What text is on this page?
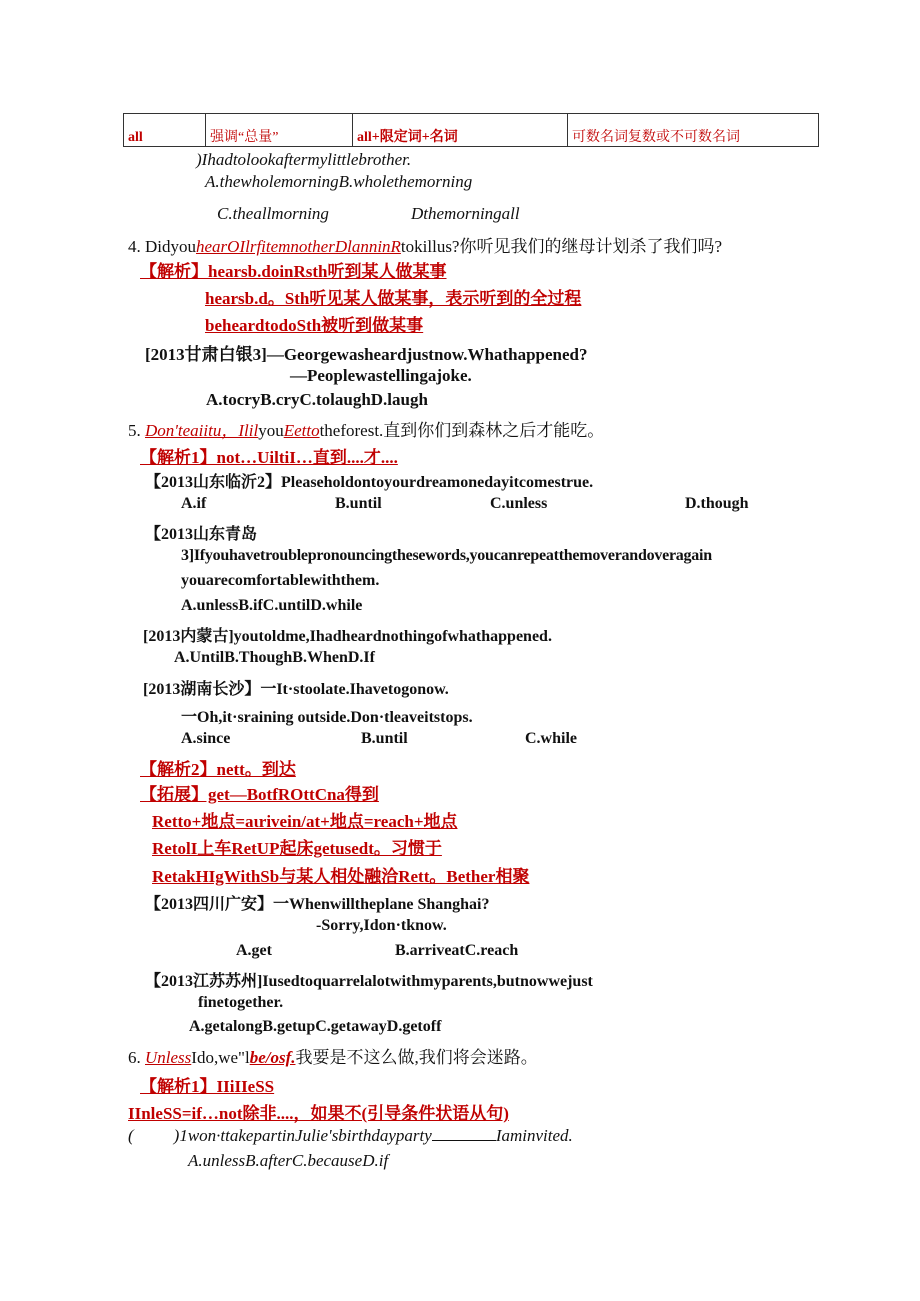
all	强调“总量”	all+限定词+名词	可数名词复数或不可数名词
)Ihadtolookaftermylittlebrother.
A.thewholemorningB.wholethemorning
C.theallmorning	Dthemorningall
4. DidyouhearOIlrfitemnotherDlanninRtokillus?你听见我们的继母计划杀了我们吗?
【解析】hearsb.doinRsth听到某人做某事
hearsb.d。Sth听见某人做某事，表示听到的全过程
beheardtodoSth被听到做某事
[2013甘肃白银3]—Georgewasheardjustnow.Whathappened?
—Peoplewastellingajoke.
A.tocryB.cryC.tolaughD.laugh
5. Don'teaiitu，IlilyouEettotheforest.直到你们到森林之后才能吃。
【解析1】not…UiltiI…直到....才....
【2013山东临沂2】Pleaseholdontoyourdreamonedayitcomestrue.
A.if	B.until	C.unless	D.though
【2013山东青岛
3]Ifyouhavetroublepronouncingthesewords,youcanrepeatthemoverandoveragain
youarecomfortablewiththem.
A.unlessB.ifC.untilD.while
[2013内蒙古]youtoldme,Ihadheardnothingofwhathappened.
A.UntilB.ThoughB.WhenD.If
[2013湖南长沙】一It·stoolate.Ihavetogonow.
一Oh,it·sraining outside.Don·tleaveitstops.
A.since	B.until	C.while
【解析2】nett。到达
【拓展】get—BotfROttCna得到
Retto+地点=aιrivein/at+地点=reach+地点
RetolI上车RetUP起床getusedt。习惯于
RetakHIgWithSb与某人相处融洽Rett。Bether相聚
【2013四川广安】一Whenwilltheplane Shanghai?
-Sorry,Idon·tknow.
A.get	B.arriveatC.reach
【2013江苏苏州]Iusedtoquarrelalotwithmyparents,butnowwejust
finetogether.
A.getalongB.getupC.getawayD.getoff
6. UnlessIdo,we"lbe/osf.我要是不这么做,我们将会迷路。
【解析1】IIiIIeSS
IInleSS=if…not除非....，如果不(引导条件状语从句)
( )1won·ttakepartinJulie'sbirthdayparty	Iaminvited.
A.unlessB.afterC.becauseD.if
